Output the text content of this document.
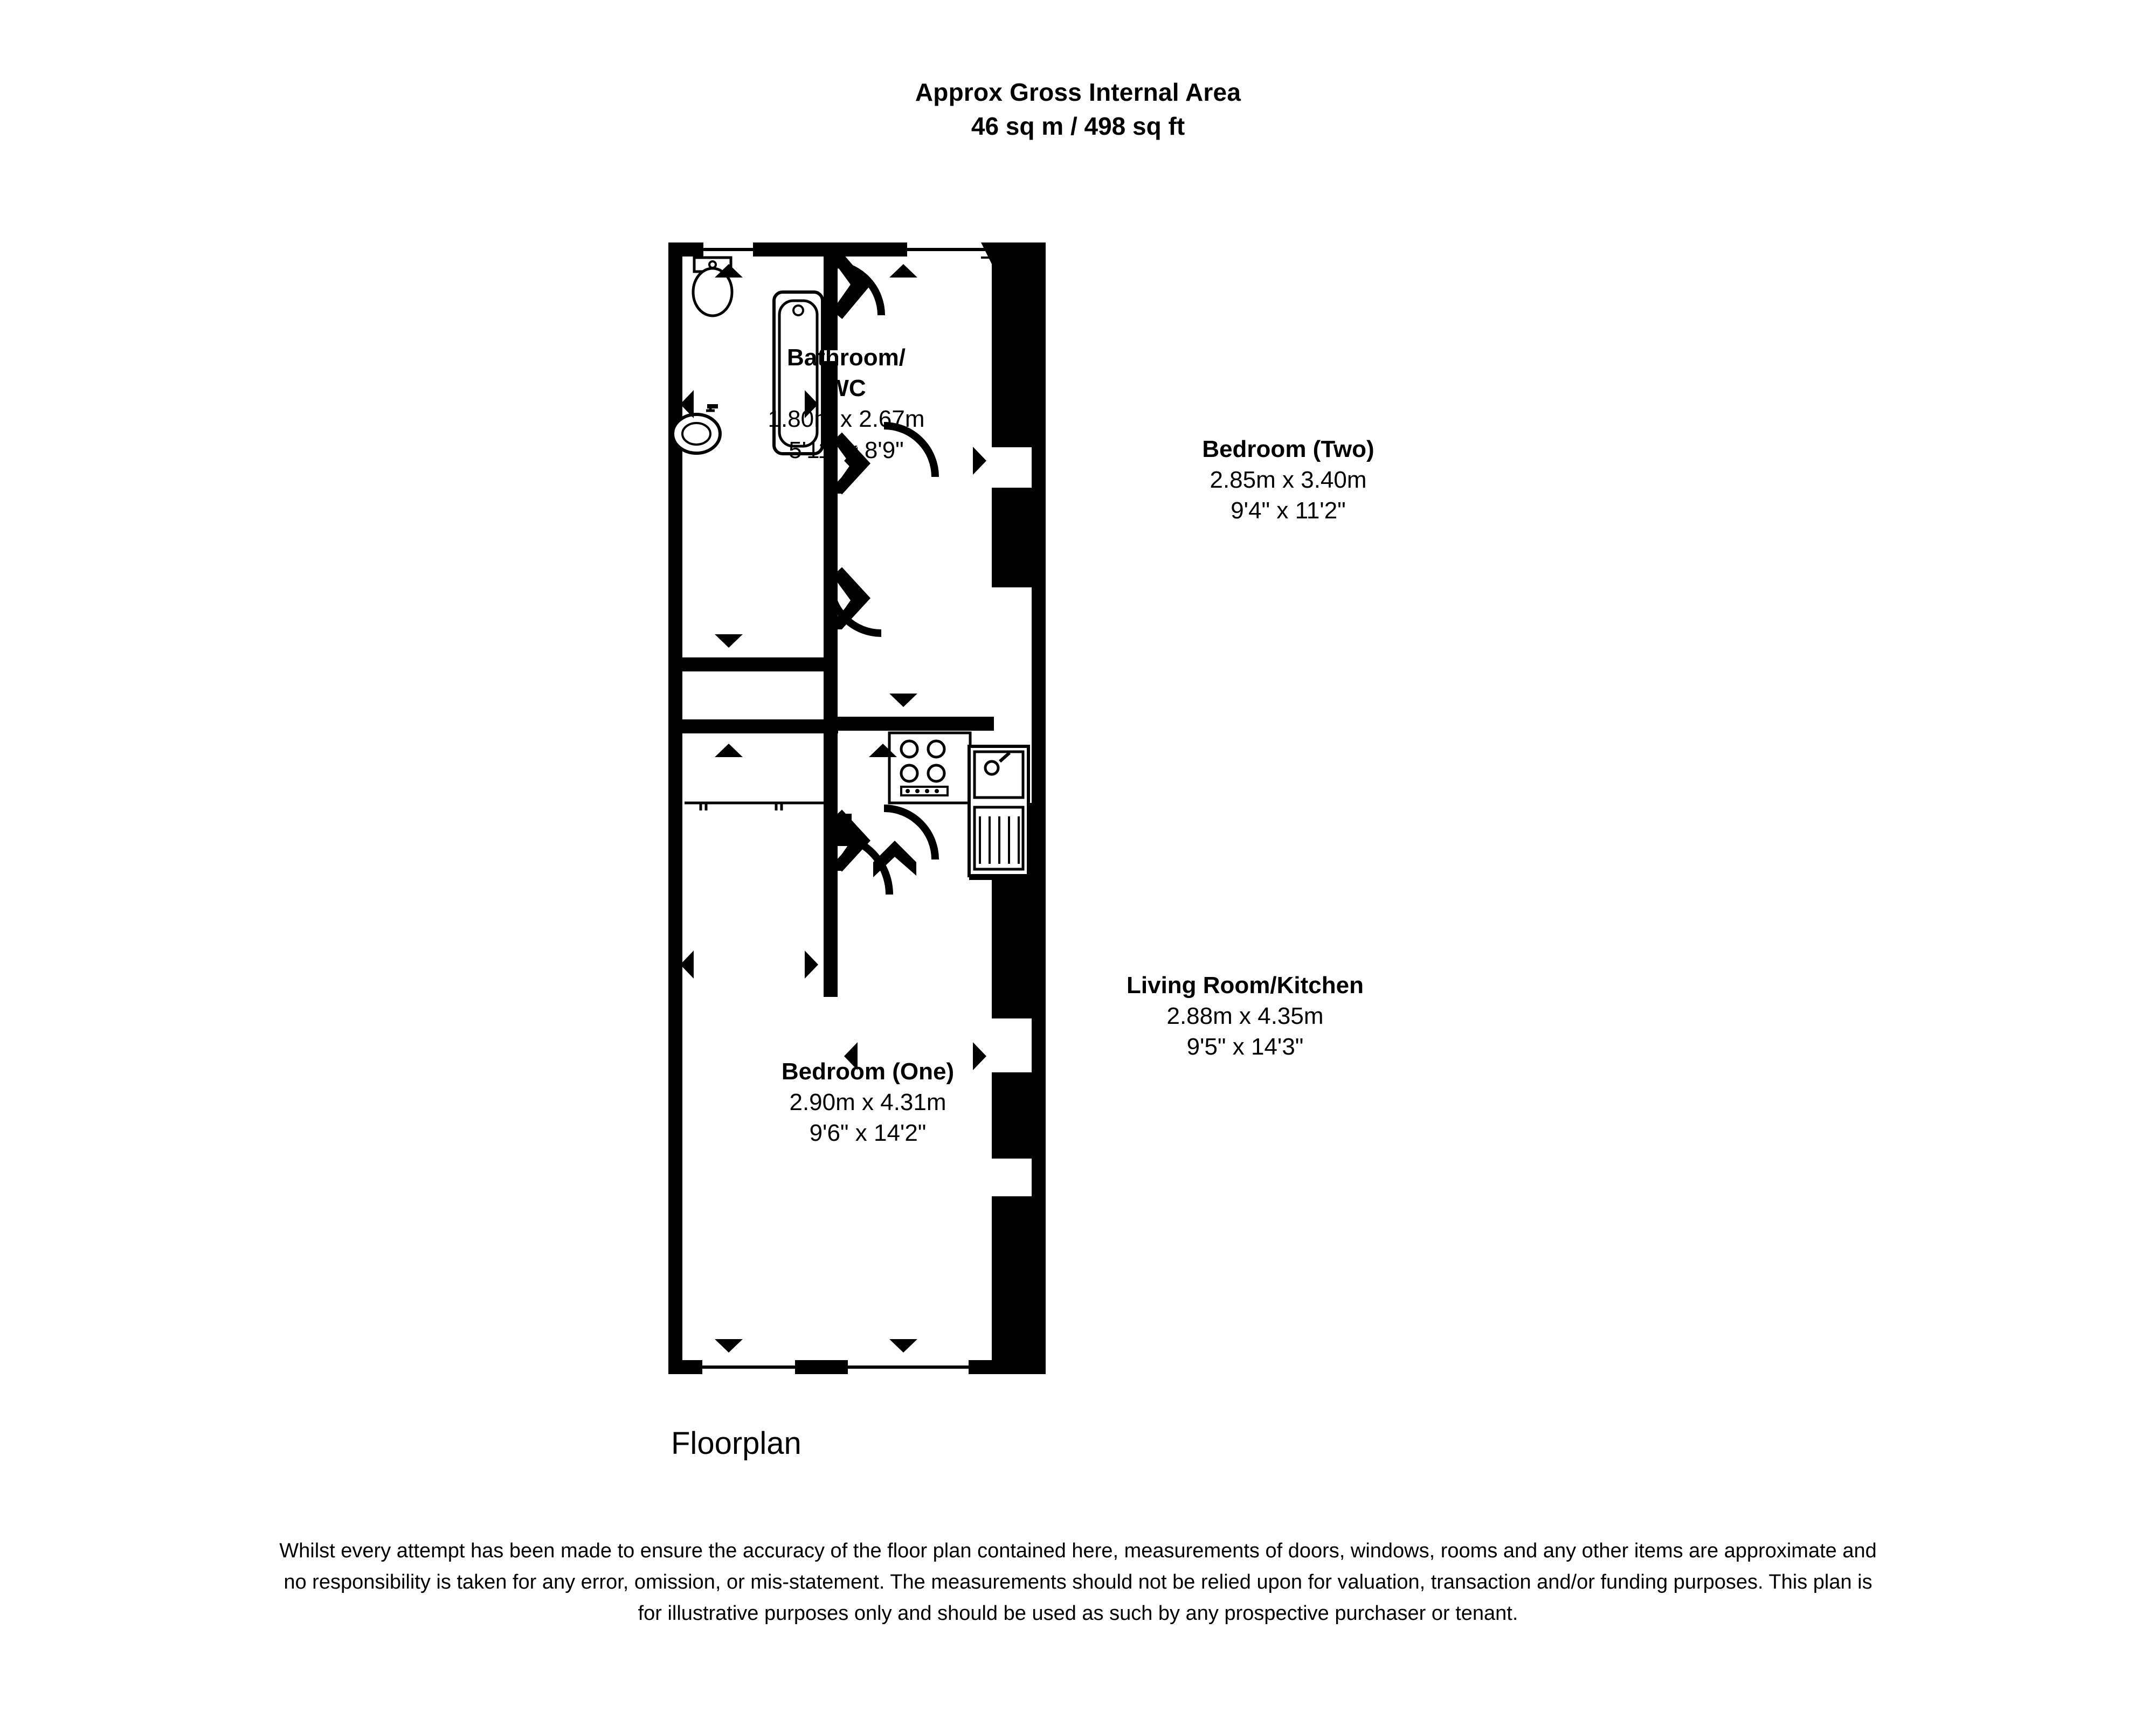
Approx Gross Internal Area
46 sq m / 498 sq ft
Bathroom/
WC
1.80m x 2.67m
5'11" x 8'9"	Bedroom (Two)
2.85m x 3.40m
9'4" x 11'2"
Living Room/Kitchen
2.88m x 4.35m
9'5" x 14'3"
Bedroom (One)
2.90m x 4.31m
9'6" x 14'2"
Floorplan
Whilst every attempt has been made to ensure the accuracy of the floor plan contained here, measurements of doors, windows, rooms and any other items are approximate and no responsibility is taken for any error, omission, or mis-statement. The measurements should not be relied upon for valuation, transaction and/or funding purposes. This plan is for illustrative purposes only and should be used as such by any prospective purchaser or tenant.
